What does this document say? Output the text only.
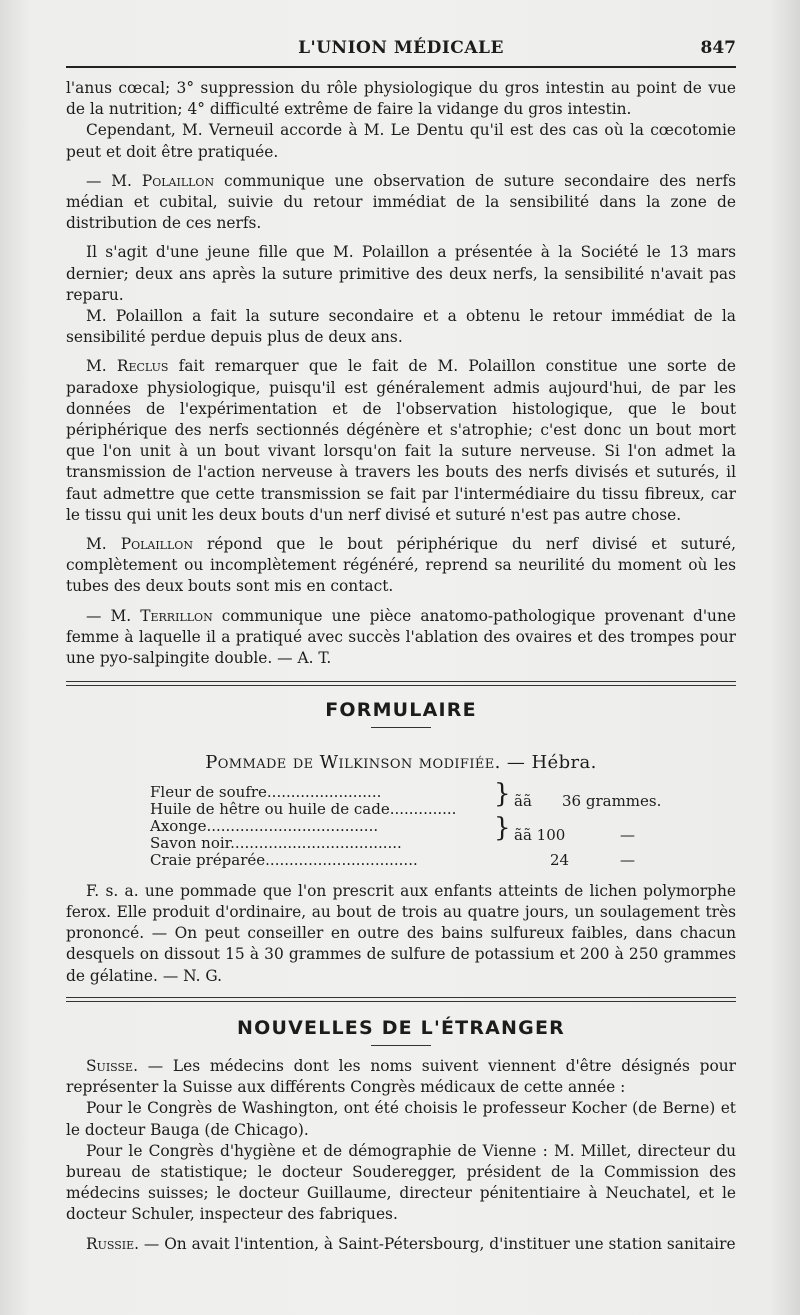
L'UNION MÉDICALE	847

l'anus cœcal; 3° suppression du rôle physiologique du gros intestin au point de vue de la nutrition; 4° difficulté extrême de faire la vidange du gros intestin.

Cependant, M. Verneuil accorde à M. Le Dentu qu'il est des cas où la cœcotomie peut et doit être pratiquée.

— M. Polaillon communique une observation de suture secondaire des nerfs médian et cubital, suivie du retour immédiat de la sensibilité dans la zone de distribution de ces nerfs.

Il s'agit d'une jeune fille que M. Polaillon a présentée à la Société le 13 mars dernier; deux ans après la suture primitive des deux nerfs, la sensibilité n'avait pas reparu.

M. Polaillon a fait la suture secondaire et a obtenu le retour immédiat de la sensibilité perdue depuis plus de deux ans.

M. Reclus fait remarquer que le fait de M. Polaillon constitue une sorte de paradoxe physiologique, puisqu'il est généralement admis aujourd'hui, de par les données de l'expérimentation et de l'observation histologique, que le bout périphérique des nerfs sectionnés dégénère et s'atrophie; c'est donc un bout mort que l'on unit à un bout vivant lorsqu'on fait la suture nerveuse. Si l'on admet la transmission de l'action nerveuse à travers les bouts des nerfs divisés et suturés, il faut admettre que cette transmission se fait par l'intermédiaire du tissu fibreux, car le tissu qui unit les deux bouts d'un nerf divisé et suturé n'est pas autre chose.

M. Polaillon répond que le bout périphérique du nerf divisé et suturé, complètement ou incomplètement régénéré, reprend sa neurilité du moment où les tubes des deux bouts sont mis en contact.

— M. Terrillon communique une pièce anatomo-pathologique provenant d'une femme à laquelle il a pratiqué avec succès l'ablation des ovaires et des trompes pour une pyo-salpingite double. — A. T.

FORMULAIRE
Pommade de Wilkinson modifiée. — Hébra.
Fleur de soufre........................	} ãã 36 grammes.
Huile de hêtre ou huile de cade..............
Axonge....................................	} ãã 100	—
Savon noir....................................
Craie préparée................................	24	—

F. s. a. une pommade que l'on prescrit aux enfants atteints de lichen polymorphe ferox. Elle produit d'ordinaire, au bout de trois au quatre jours, un soulagement très prononcé. — On peut conseiller en outre des bains sulfureux faibles, dans chacun desquels on dissout 15 à 30 grammes de sulfure de potassium et 200 à 250 grammes de gélatine. — N. G.

NOUVELLES DE L'ÉTRANGER

Suisse. — Les médecins dont les noms suivent viennent d'être désignés pour représenter la Suisse aux différents Congrès médicaux de cette année :

Pour le Congrès de Washington, ont été choisis le professeur Kocher (de Berne) et le docteur Bauga (de Chicago).

Pour le Congrès d'hygiène et de démographie de Vienne : M. Millet, directeur du bureau de statistique; le docteur Souderegger, président de la Commission des médecins suisses; le docteur Guillaume, directeur pénitentiaire à Neuchatel, et le docteur Schuler, inspecteur des fabriques.

Russie. — On avait l'intention, à Saint-Pétersbourg, d'instituer une station sanitaire
